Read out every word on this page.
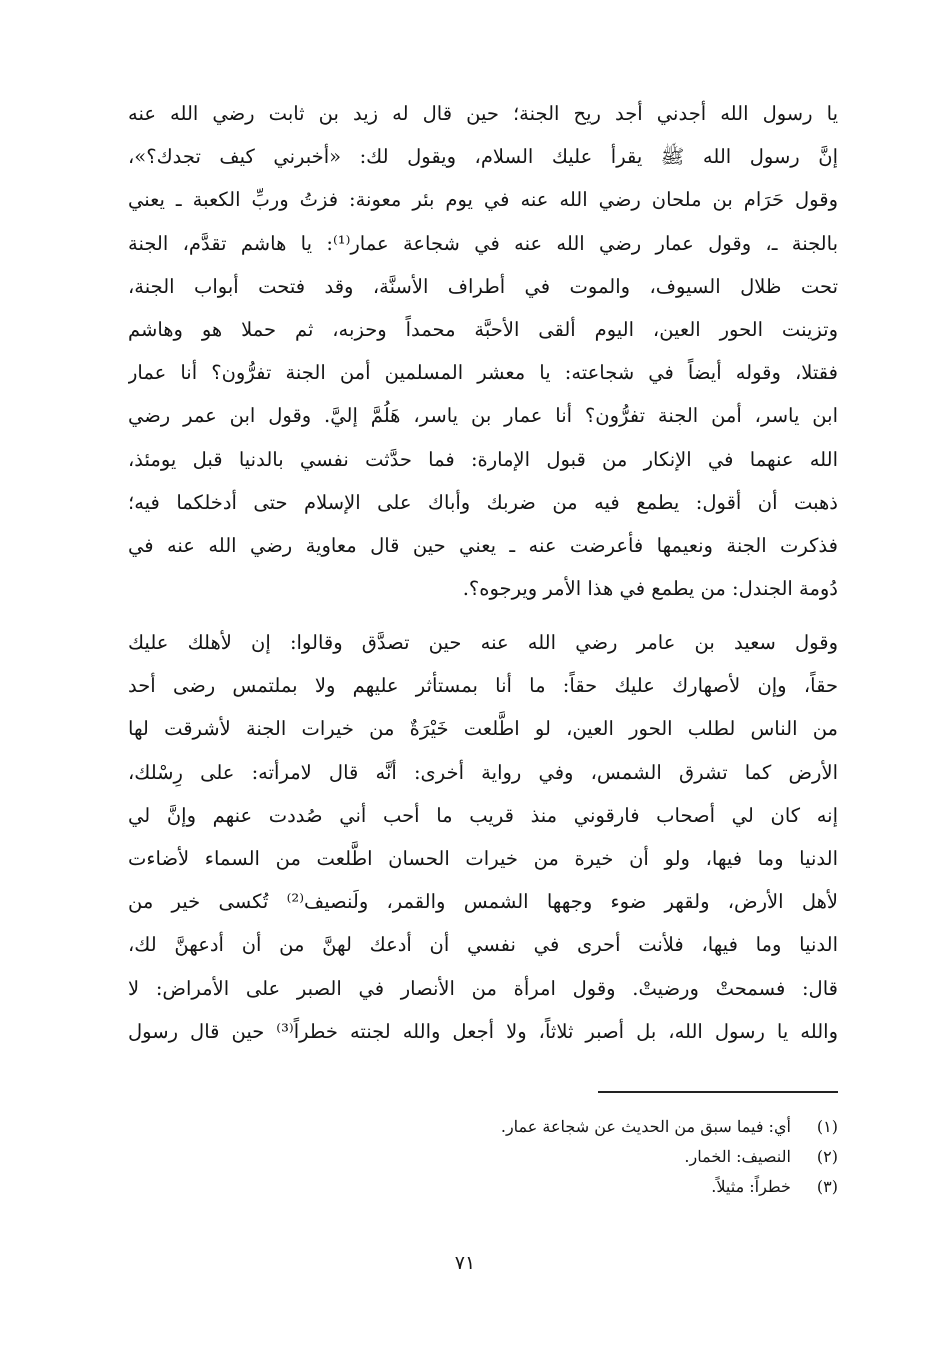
يا رسول الله أجدني أجد ريح الجنة؛ حين قال له زيد بن ثابت رضي الله عنه
إنَّ رسول الله ﷺ يقرأ عليك السلام، ويقول لك: «أخبرني كيف تجدك؟»،
وقول حَرَام بن ملحان رضي الله عنه في يوم بئر معونة: فزتُ وربِّ الكعبة ـ يعني
بالجنة ـ، وقول عمار رضي الله عنه في شجاعة عمار⁽¹⁾: يا هاشم تقدَّم، الجنة
تحت ظلال السيوف، والموت في أطراف الأسنَّة، وقد فتحت أبواب الجنة،
وتزينت الحور العين، اليوم ألقى الأحبَّة محمداً وحزبه، ثم حملا هو وهاشم
فقتلا، وقوله أيضاً في شجاعته: يا معشر المسلمين أمن الجنة تفرُّون؟ أنا عمار
ابن ياسر، أمن الجنة تفرُّون؟ أنا عمار بن ياسر، هَلُمَّ إليَّ. وقول ابن عمر رضي
الله عنهما في الإنكار من قبول الإمارة: فما حدَّثت نفسي بالدنيا قبل يومئذ،
ذهبت أن أقول: يطمع فيه من ضربك وأباك على الإسلام حتى أدخلكما فيه؛
فذكرت الجنة ونعيمها فأعرضت عنه ـ يعني حين قال معاوية رضي الله عنه في
دُومة الجندل: من يطمع في هذا الأمر ويرجوه؟.
وقول سعيد بن عامر رضي الله عنه حين تصدَّق وقالوا: إن لأهلك عليك
حقاً، وإن لأصهارك عليك حقاً: ما أنا بمستأثر عليهم ولا بملتمس رضى أحد
من الناس لطلب الحور العين، لو اطَّلعت خَيْرَةٌ من خيرات الجنة لأشرقت لها
الأرض كما تشرق الشمس، وفي رواية أخرى: أنَّه قال لامرأته: على رِسْلك،
إنه كان لي أصحاب فارقوني منذ قريب ما أحب أني صُددت عنهم وإنَّ لي
الدنيا وما فيها، ولو أن خيرة من خيرات الحسان اطَّلعت من السماء لأضاءت
لأهل الأرض، ولقهر ضوء وجهها الشمس والقمر، ولَنصيف⁽²⁾ تُكسى خير من
الدنيا وما فيها، فلأنت أحرى في نفسي أن أدعك لهنَّ من أن أدعهنَّ لك،
قال: فسمحتْ ورضيتْ. وقول امرأة من الأنصار في الصبر على الأمراض: لا
والله يا رسول الله، بل أصبر ثلاثاً، ولا أجعل والله لجنته خطراً⁽³⁾ حين قال رسول
(١) أي: فيما سبق من الحديث عن شجاعة عمار.
(٢) النصيف: الخمار.
(٣) خطراً: مثيلاً.
٧١
